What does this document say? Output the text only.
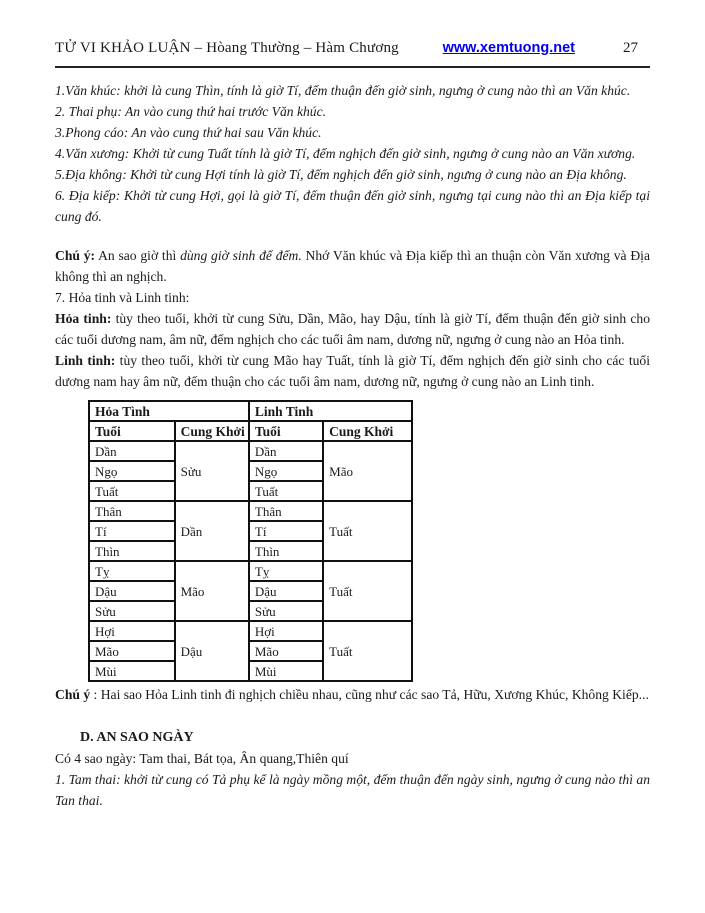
TỬ VI KHẢO LUẬN – Hòang Thường – Hàm Chương	www.xemtuong.net	27

1.Văn khúc: khởi là cung Thìn, tính là giờ Tí, đếm thuận đến giờ sinh, ngưng ở cung nào thì an Văn khúc.

2. Thai phụ: An vào cung thứ hai trước Văn khúc.

3.Phong cáo: An vào cung thứ hai sau Văn khúc.

4.Văn xương: Khởi từ cung Tuất tính là giờ Tí, đếm nghịch đến giờ sinh, ngưng ở cung nào an Văn xương.

5.Địa không: Khởi từ cung Hợi tính là giờ Tí, đếm nghịch đến giờ sinh, ngưng ở cung nào an Địa không.

6. Địa kiếp: Khởi từ cung Hợi, gọi là giờ Tí, đếm thuận đến giờ sinh, ngưng tại cung nào thì an Địa kiếp tại cung đó.

Chú ý: An sao giờ thì dùng giờ sinh để đếm. Nhớ Văn khúc và Địa kiếp thì an thuận còn Văn xương và Địa không thì an nghịch.

7. Hỏa tinh và Linh tinh:

Hỏa tinh: tùy theo tuổi, khởi từ cung Sửu, Dần, Mão, hay Dậu, tính là giờ Tí, đếm thuận đến giờ sinh cho các tuổi dương nam, âm nữ, đếm nghịch cho các tuổi âm nam, dương nữ, ngưng ở cung nào an Hỏa tinh.

Linh tinh: tùy theo tuổi, khởi từ cung Mão hay Tuất, tính là giờ Tí, đếm nghịch đến giờ sinh cho các tuổi dương nam hay âm nữ, đếm thuận cho các tuổi âm nam, dương nữ, ngưng ở cung nào an Linh tinh.

Hỏa Tình		Linh Tinh	
Tuổi	Cung Khởi	Tuổi	Cung Khởi
Dần	Sửu	Dần	Mão
Ngọ		Ngọ	
Tuất		Tuất	
Thân	Dần	Thân	Tuất
Tí		Tí	
Thìn		Thìn	
Tỵ	Mão	Tỵ	Tuất
Dậu		Dậu	
Sửu		Sửu	
Hợi	Dậu	Hợi	Tuất
Mão		Mão	
Mùi		Mùi	

Chú ý : Hai sao Hỏa Linh tinh đi nghịch chiều nhau, cũng như các sao Tả, Hữu, Xương Khúc, Không Kiếp...

D. AN SAO NGÀY

Có 4 sao ngày: Tam thai, Bát tọa, Ân quang,Thiên quí

1. Tam thai: khởi từ cung có Tả phụ kể là ngày mồng một, đếm thuận đến ngày sinh, ngưng ở cung nào thì an Tan thai.
